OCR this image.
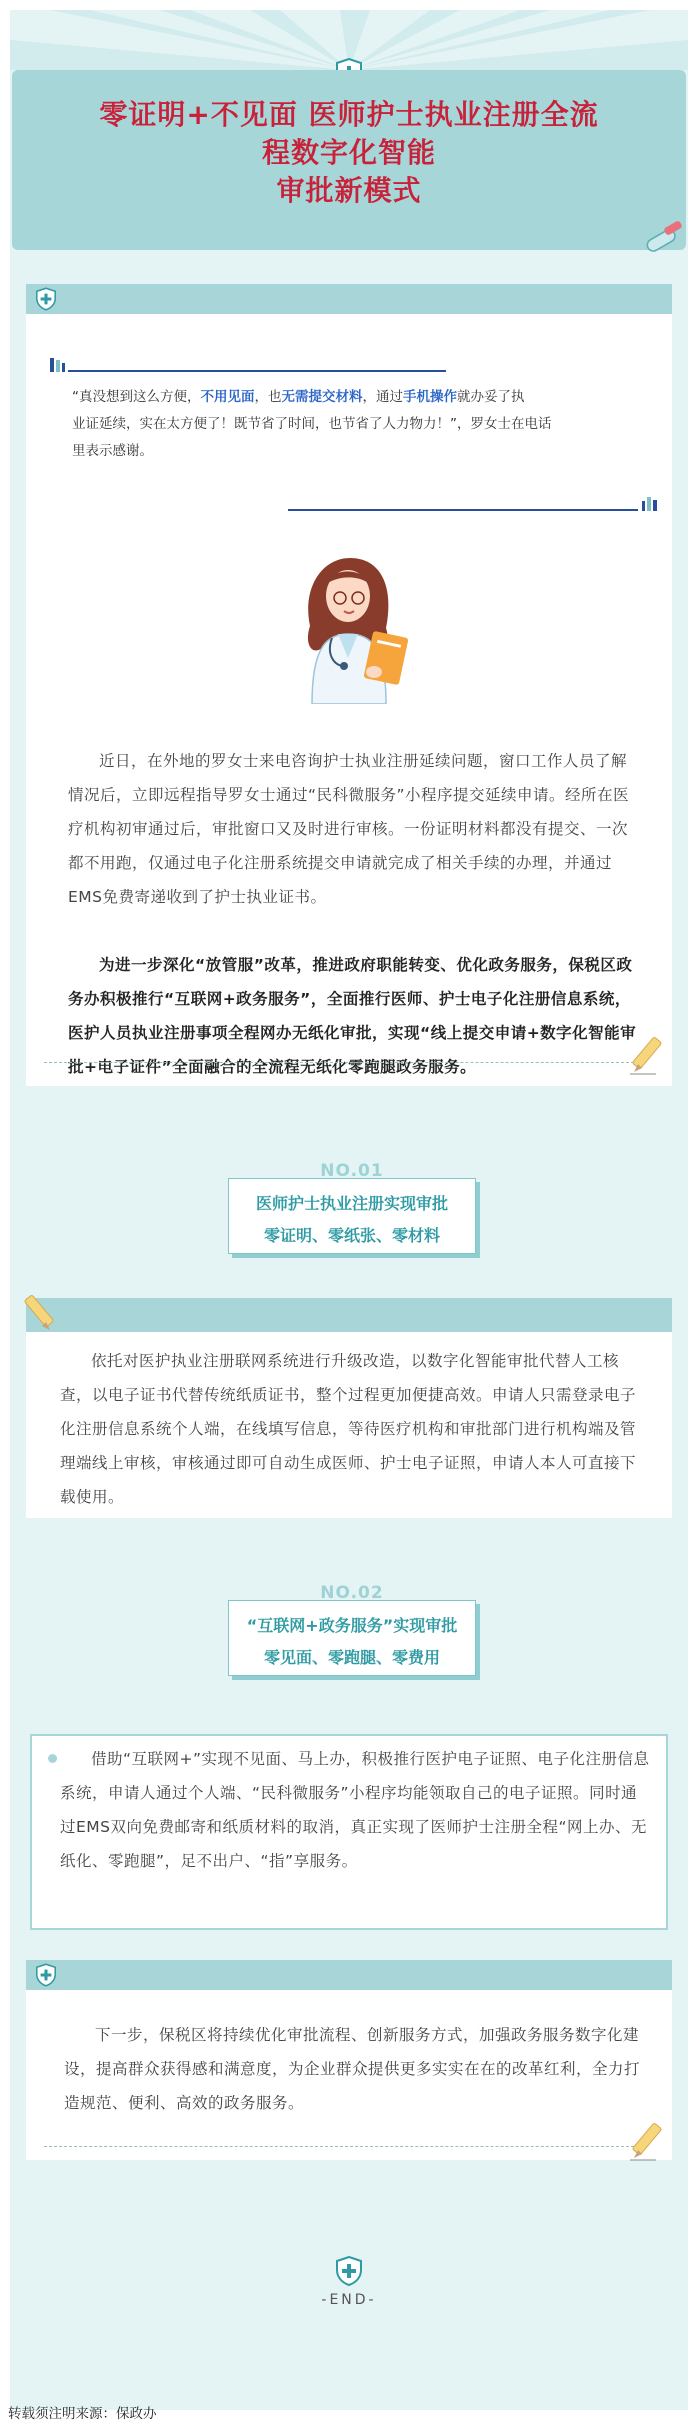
零证明+不见面 医师护士执业注册全流
程数字化智能
审批新模式
“真没想到这么方便，不用见面，也无需提交材料，通过手机操作就办妥了执
业证延续，实在太方便了！既节省了时间，也节省了人力物力！”，罗女士在电话
里表示感谢。
近日，在外地的罗女士来电咨询护士执业注册延续问题，窗口工作人员了解情况后，立即远程指导罗女士通过“民科微服务”小程序提交延续申请。经所在医疗机构初审通过后，审批窗口又及时进行审核。一份证明材料都没有提交、一次都不用跑，仅通过电子化注册系统提交申请就完成了相关手续的办理，并通过EMS免费寄递收到了护士执业证书。
为进一步深化“放管服”改革，推进政府职能转变、优化政务服务，保税区政务办积极推行“互联网+政务服务”，全面推行医师、护士电子化注册信息系统，医护人员执业注册事项全程网办无纸化审批，实现“线上提交申请+数字化智能审批+电子证件”全面融合的全流程无纸化零跑腿政务服务。
NO.01
医师护士执业注册实现审批
零证明、零纸张、零材料
依托对医护执业注册联网系统进行升级改造，以数字化智能审批代替人工核查，以电子证书代替传统纸质证书，整个过程更加便捷高效。申请人只需登录电子化注册信息系统个人端，在线填写信息，等待医疗机构和审批部门进行机构端及管理端线上审核，审核通过即可自动生成医师、护士电子证照，申请人本人可直接下载使用。
NO.02
“互联网+政务服务”实现审批
零见面、零跑腿、零费用
借助“互联网+”实现不见面、马上办，积极推行医护电子证照、电子化注册信息系统，申请人通过个人端、“民科微服务”小程序均能领取自己的电子证照。同时通过EMS双向免费邮寄和纸质材料的取消，真正实现了医师护士注册全程“网上办、无纸化、零跑腿”，足不出户、“指”享服务。
下一步，保税区将持续优化审批流程、创新服务方式，加强政务服务数字化建设，提高群众获得感和满意度，为企业群众提供更多实实在在的改革红利，全力打造规范、便利、高效的政务服务。
-END-
转载须注明来源：保政办
